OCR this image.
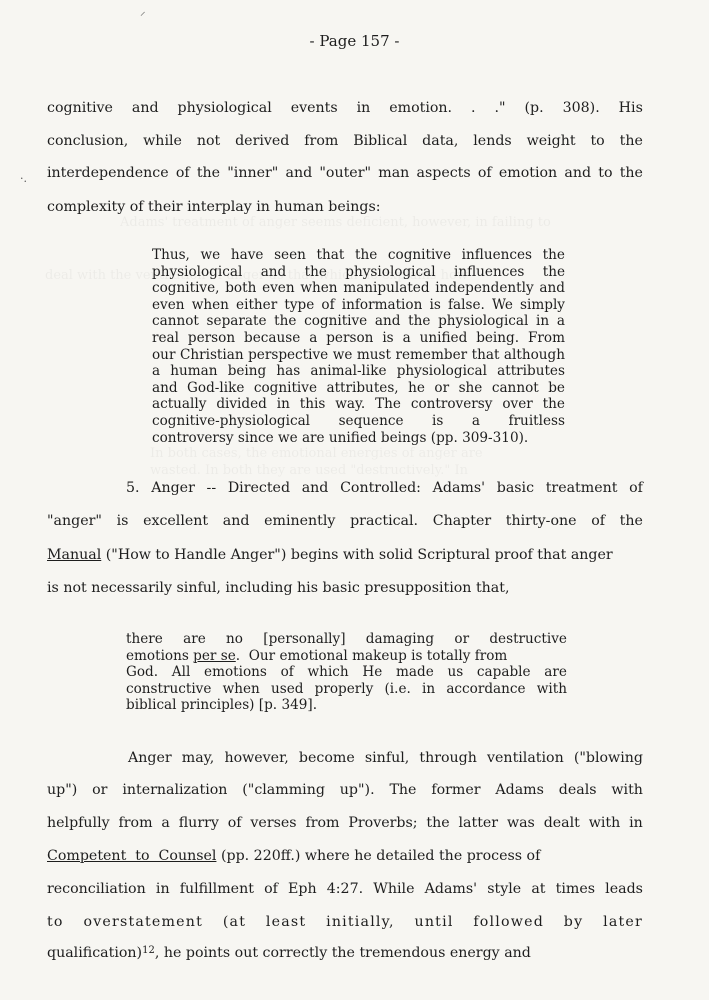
⸝
·.
- Page 157 -
cognitive and physiological events in emotion. . ." (p. 308). His
conclusion, while not derived from Biblical data, lends weight to the
interdependence of the "inner" and "outer" man aspects of emotion and to the
complexity of their interplay in human beings:
Thus, we have seen that the cognitive influences the
physiological and the physiological influences the
cognitive, both even when manipulated independently and
even when either type of information is false. We simply
cannot separate the cognitive and the physiological in a
real person because a person is a unified being. From
our Christian perspective we must remember that although
a human being has animal-like physiological attributes
and God-like cognitive attributes, he or she cannot be
actually divided in this way. The controversy over the
cognitive-physiological sequence is a fruitless
controversy since we are unified beings (pp. 309-310).
5. Anger -- Directed and Controlled: Adams' basic treatment of
"anger" is excellent and eminently practical. Chapter thirty-one of the
Manual ("How to Handle Anger") begins with solid Scriptural proof that anger
is not necessarily sinful, including his basic presupposition that,
there are no [personally] damaging or destructive
emotions per se .  Our emotional makeup is totally from
God. All emotions of which He made us capable are
constructive when used properly (i.e. in accordance with
biblical principles) [p. 349].
Anger may, however, become sinful, through ventilation ("blowing
up") or internalization ("clamming up"). The former Adams deals with
helpfully from a flurry of verses from Proverbs; the latter was dealt with in
Competent  to  Counsel (pp. 220ff.) where he detailed the process of
reconciliation in fulfillment of Eph 4:27. While Adams' style at times leads
to overstatement (at least initially, until followed by later
qualification) 12 , he points out correctly the tremendous energy and
